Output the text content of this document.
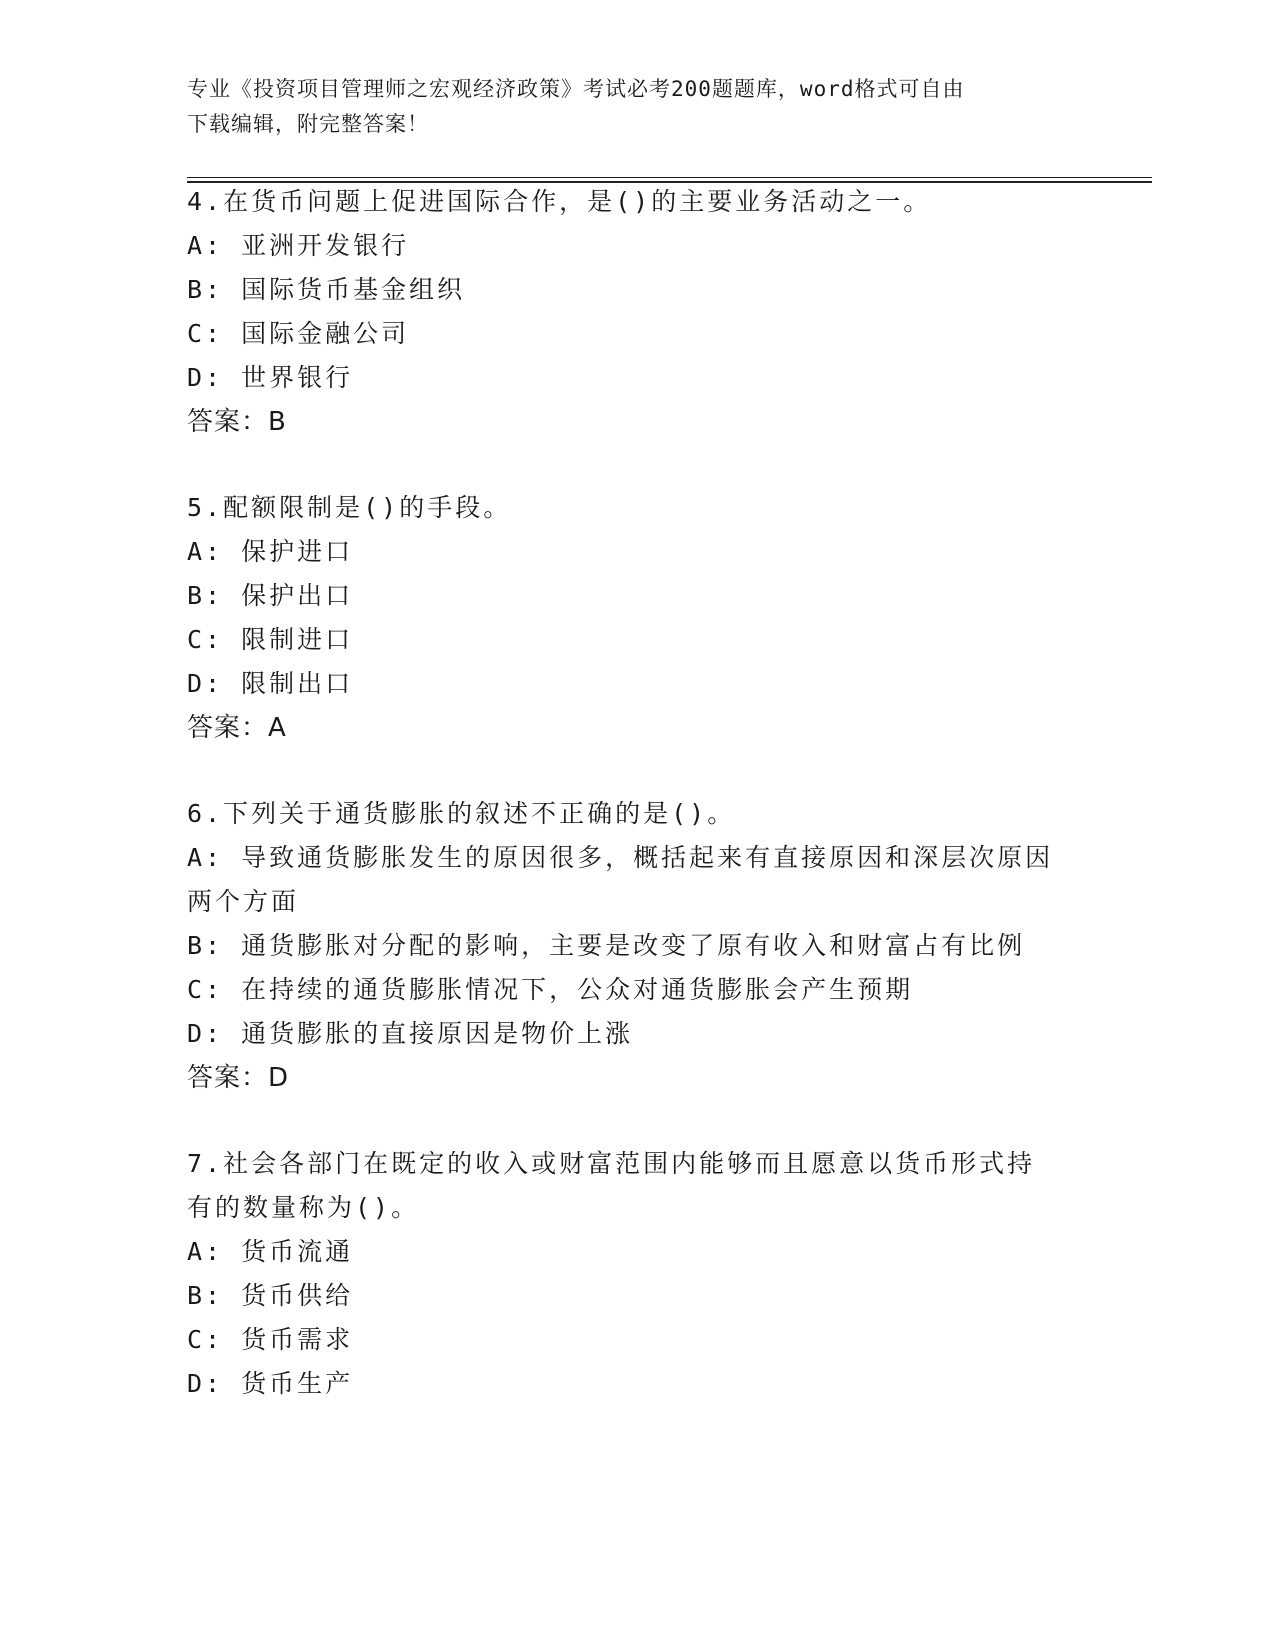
专业《投资项目管理师之宏观经济政策》考试必考200题题库，word格式可自由
下载编辑，附完整答案！
4.在货币问题上促进国际合作，是()的主要业务活动之一。
A: 亚洲开发银行
B: 国际货币基金组织
C: 国际金融公司
D: 世界银行
答案：B
5.配额限制是()的手段。
A: 保护进口
B: 保护出口
C: 限制进口
D: 限制出口
答案：A
6.下列关于通货膨胀的叙述不正确的是()。
A: 导致通货膨胀发生的原因很多，概括起来有直接原因和深层次原因
两个方面
B: 通货膨胀对分配的影响，主要是改变了原有收入和财富占有比例
C: 在持续的通货膨胀情况下，公众对通货膨胀会产生预期
D: 通货膨胀的直接原因是物价上涨
答案：D
7.社会各部门在既定的收入或财富范围内能够而且愿意以货币形式持
有的数量称为()。
A: 货币流通
B: 货币供给
C: 货币需求
D: 货币生产
